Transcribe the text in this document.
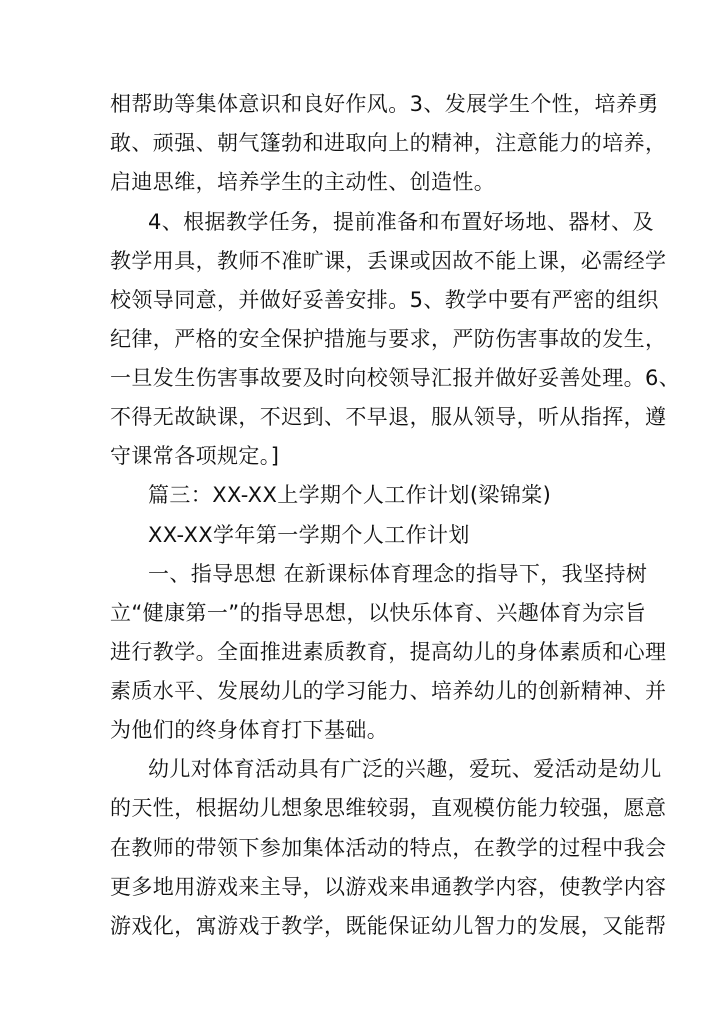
相帮助等集体意识和良好作风。3、发展学生个性，培养勇
敢、顽强、朝气篷勃和进取向上的精神，注意能力的培养，
启迪思维，培养学生的主动性、创造性。
4、根据教学任务，提前准备和布置好场地、器材、及
教学用具，教师不准旷课，丢课或因故不能上课，必需经学
校领导同意，并做好妥善安排。5、教学中要有严密的组织
纪律，严格的安全保护措施与要求，严防伤害事故的发生，
一旦发生伤害事故要及时向校领导汇报并做好妥善处理。6、
不得无故缺课，不迟到、不早退，服从领导，听从指挥，遵
守课常各项规定。]
篇三：XX-XX上学期个人工作计划(梁锦棠)
XX-XX学年第一学期个人工作计划
一、指导思想 在新课标体育理念的指导下，我坚持树
立“健康第一”的指导思想，以快乐体育、兴趣体育为宗旨
进行教学。全面推进素质教育，提高幼儿的身体素质和心理
素质水平、发展幼儿的学习能力、培养幼儿的创新精神、并
为他们的终身体育打下基础。
幼儿对体育活动具有广泛的兴趣，爱玩、爱活动是幼儿
的天性，根据幼儿想象思维较弱，直观模仿能力较强，愿意
在教师的带领下参加集体活动的特点，在教学的过程中我会
更多地用游戏来主导，以游戏来串通教学内容，使教学内容
游戏化，寓游戏于教学，既能保证幼儿智力的发展，又能帮
